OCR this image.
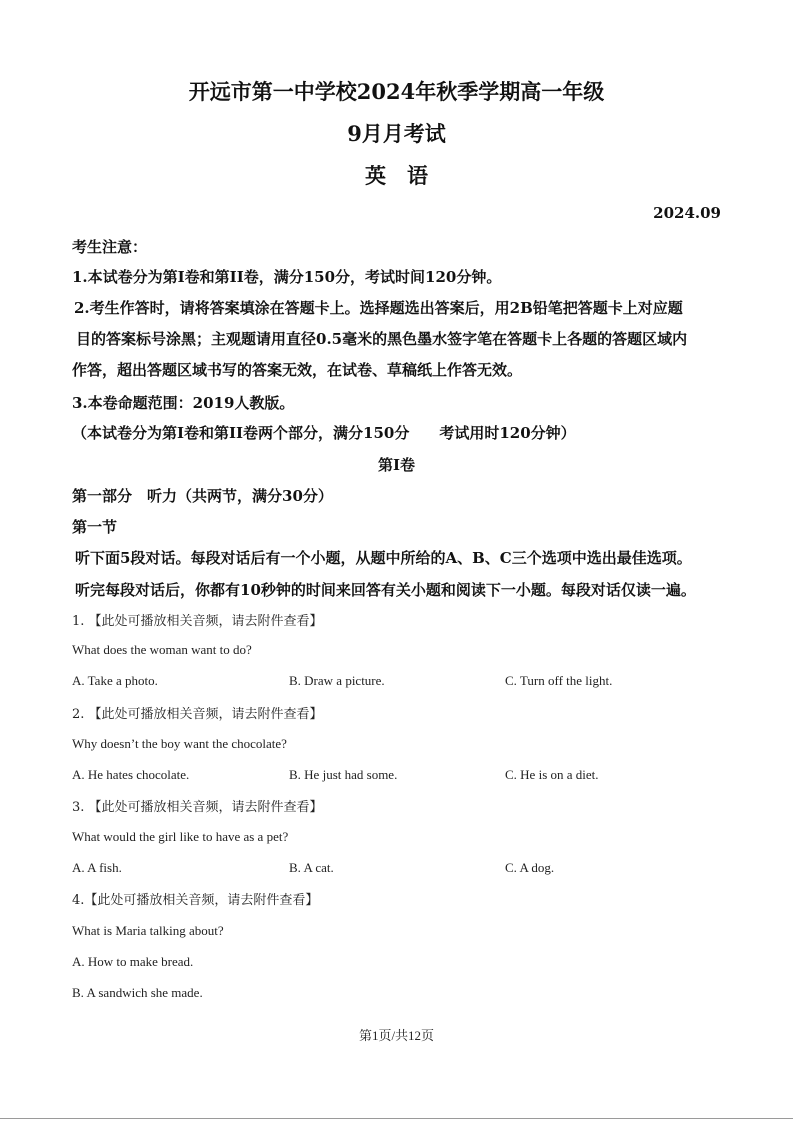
开远市第一中学校2024年秋季学期高一年级
9月月考试
英　语
2024.09
考生注意：
1.本试卷分为第I卷和第II卷，满分150分，考试时间120分钟。
2.考生作答时，请将答案填涂在答题卡上。选择题选出答案后，用2B铅笔把答题卡上对应题
目的答案标号涂黑；主观题请用直径0.5毫米的黑色墨水签字笔在答题卡上各题的答题区域内
作答，超出答题区域书写的答案无效，在试卷、草稿纸上作答无效。
3.本卷命题范围：2019人教版。
（本试卷分为第I卷和第II卷两个部分，满分150分　　考试用时120分钟）
第I卷
第一部分　听力（共两节，满分30分）
第一节
听下面5段对话。每段对话后有一个小题，从题中所给的A、B、C三个选项中选出最佳选项。
听完每段对话后，你都有10秒钟的时间来回答有关小题和阅读下一小题。每段对话仅读一遍。
1. 【此处可播放相关音频，请去附件查看】
What does the woman want to do?
A. Take a photo.	B. Draw a picture.	C. Turn off the light.
2. 【此处可播放相关音频，请去附件查看】
Why doesn’t the boy want the chocolate?
A. He hates chocolate.	B. He just had some.	C. He is on a diet.
3. 【此处可播放相关音频，请去附件查看】
What would the girl like to have as a pet?
A. A fish.	B. A cat.	C. A dog.
4.【此处可播放相关音频，请去附件查看】
What is Maria talking about?
A. How to make bread.
B. A sandwich she made.
第1页/共12页
